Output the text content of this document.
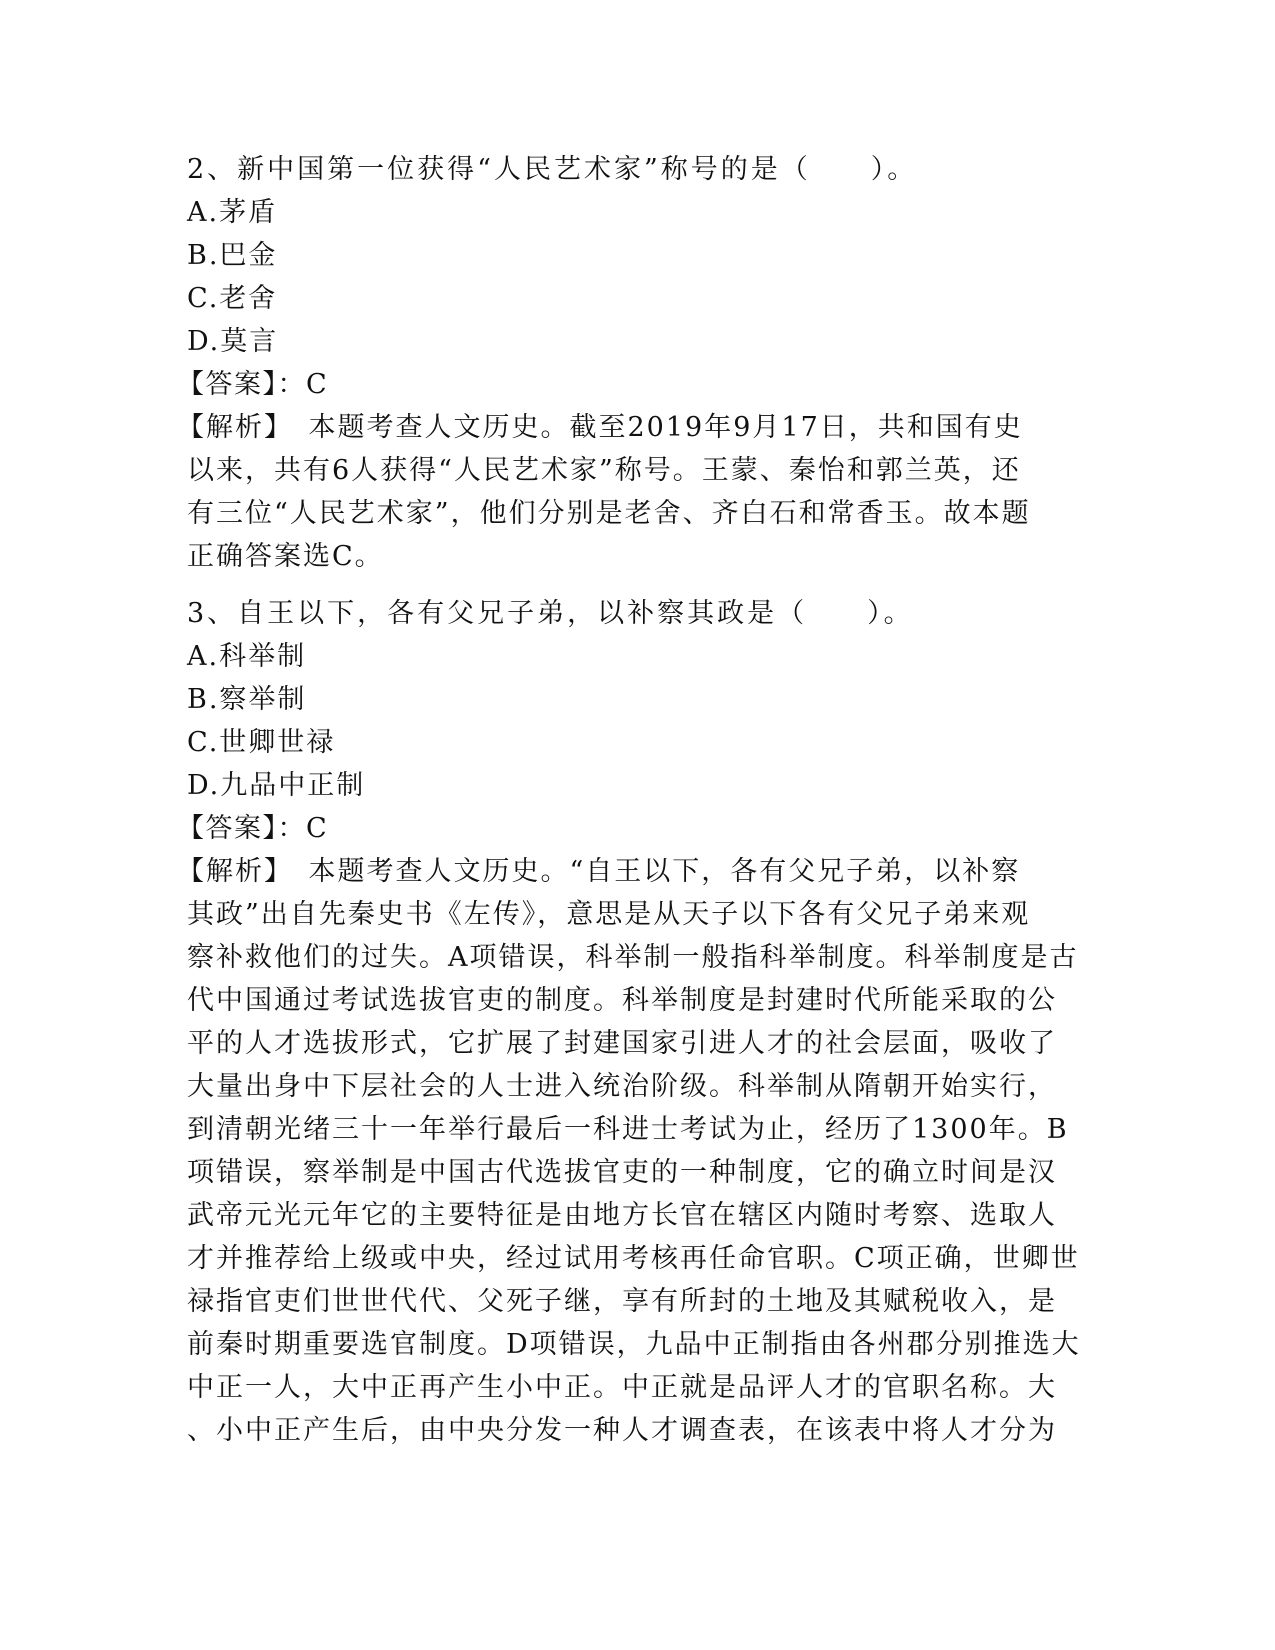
2、新中国第一位获得“人民艺术家”称号的是（　　）。
A.茅盾
B.巴金
C.老舍
D.莫言
【答案】：C
【解析】　本题考查人文历史。截至2019年9月17日，共和国有史
以来，共有6人获得“人民艺术家”称号。王蒙、秦怡和郭兰英，还
有三位“人民艺术家”，他们分别是老舍、齐白石和常香玉。故本题
正确答案选C。
3、自王以下，各有父兄子弟，以补察其政是（　　）。
A.科举制
B.察举制
C.世卿世禄
D.九品中正制
【答案】：C
【解析】　本题考查人文历史。“自王以下，各有父兄子弟，以补察
其政”出自先秦史书《左传》，意思是从天子以下各有父兄子弟来观
察补救他们的过失。A项错误，科举制一般指科举制度。科举制度是古
代中国通过考试选拔官吏的制度。科举制度是封建时代所能采取的公
平的人才选拔形式，它扩展了封建国家引进人才的社会层面，吸收了
大量出身中下层社会的人士进入统治阶级。科举制从隋朝开始实行，
到清朝光绪三十一年举行最后一科进士考试为止，经历了1300年。B
项错误，察举制是中国古代选拔官吏的一种制度，它的确立时间是汉
武帝元光元年它的主要特征是由地方长官在辖区内随时考察、选取人
才并推荐给上级或中央，经过试用考核再任命官职。C项正确，世卿世
禄指官吏们世世代代、父死子继，享有所封的土地及其赋税收入，是
前秦时期重要选官制度。D项错误，九品中正制指由各州郡分别推选大
中正一人，大中正再产生小中正。中正就是品评人才的官职名称。大
、小中正产生后，由中央分发一种人才调查表，在该表中将人才分为
